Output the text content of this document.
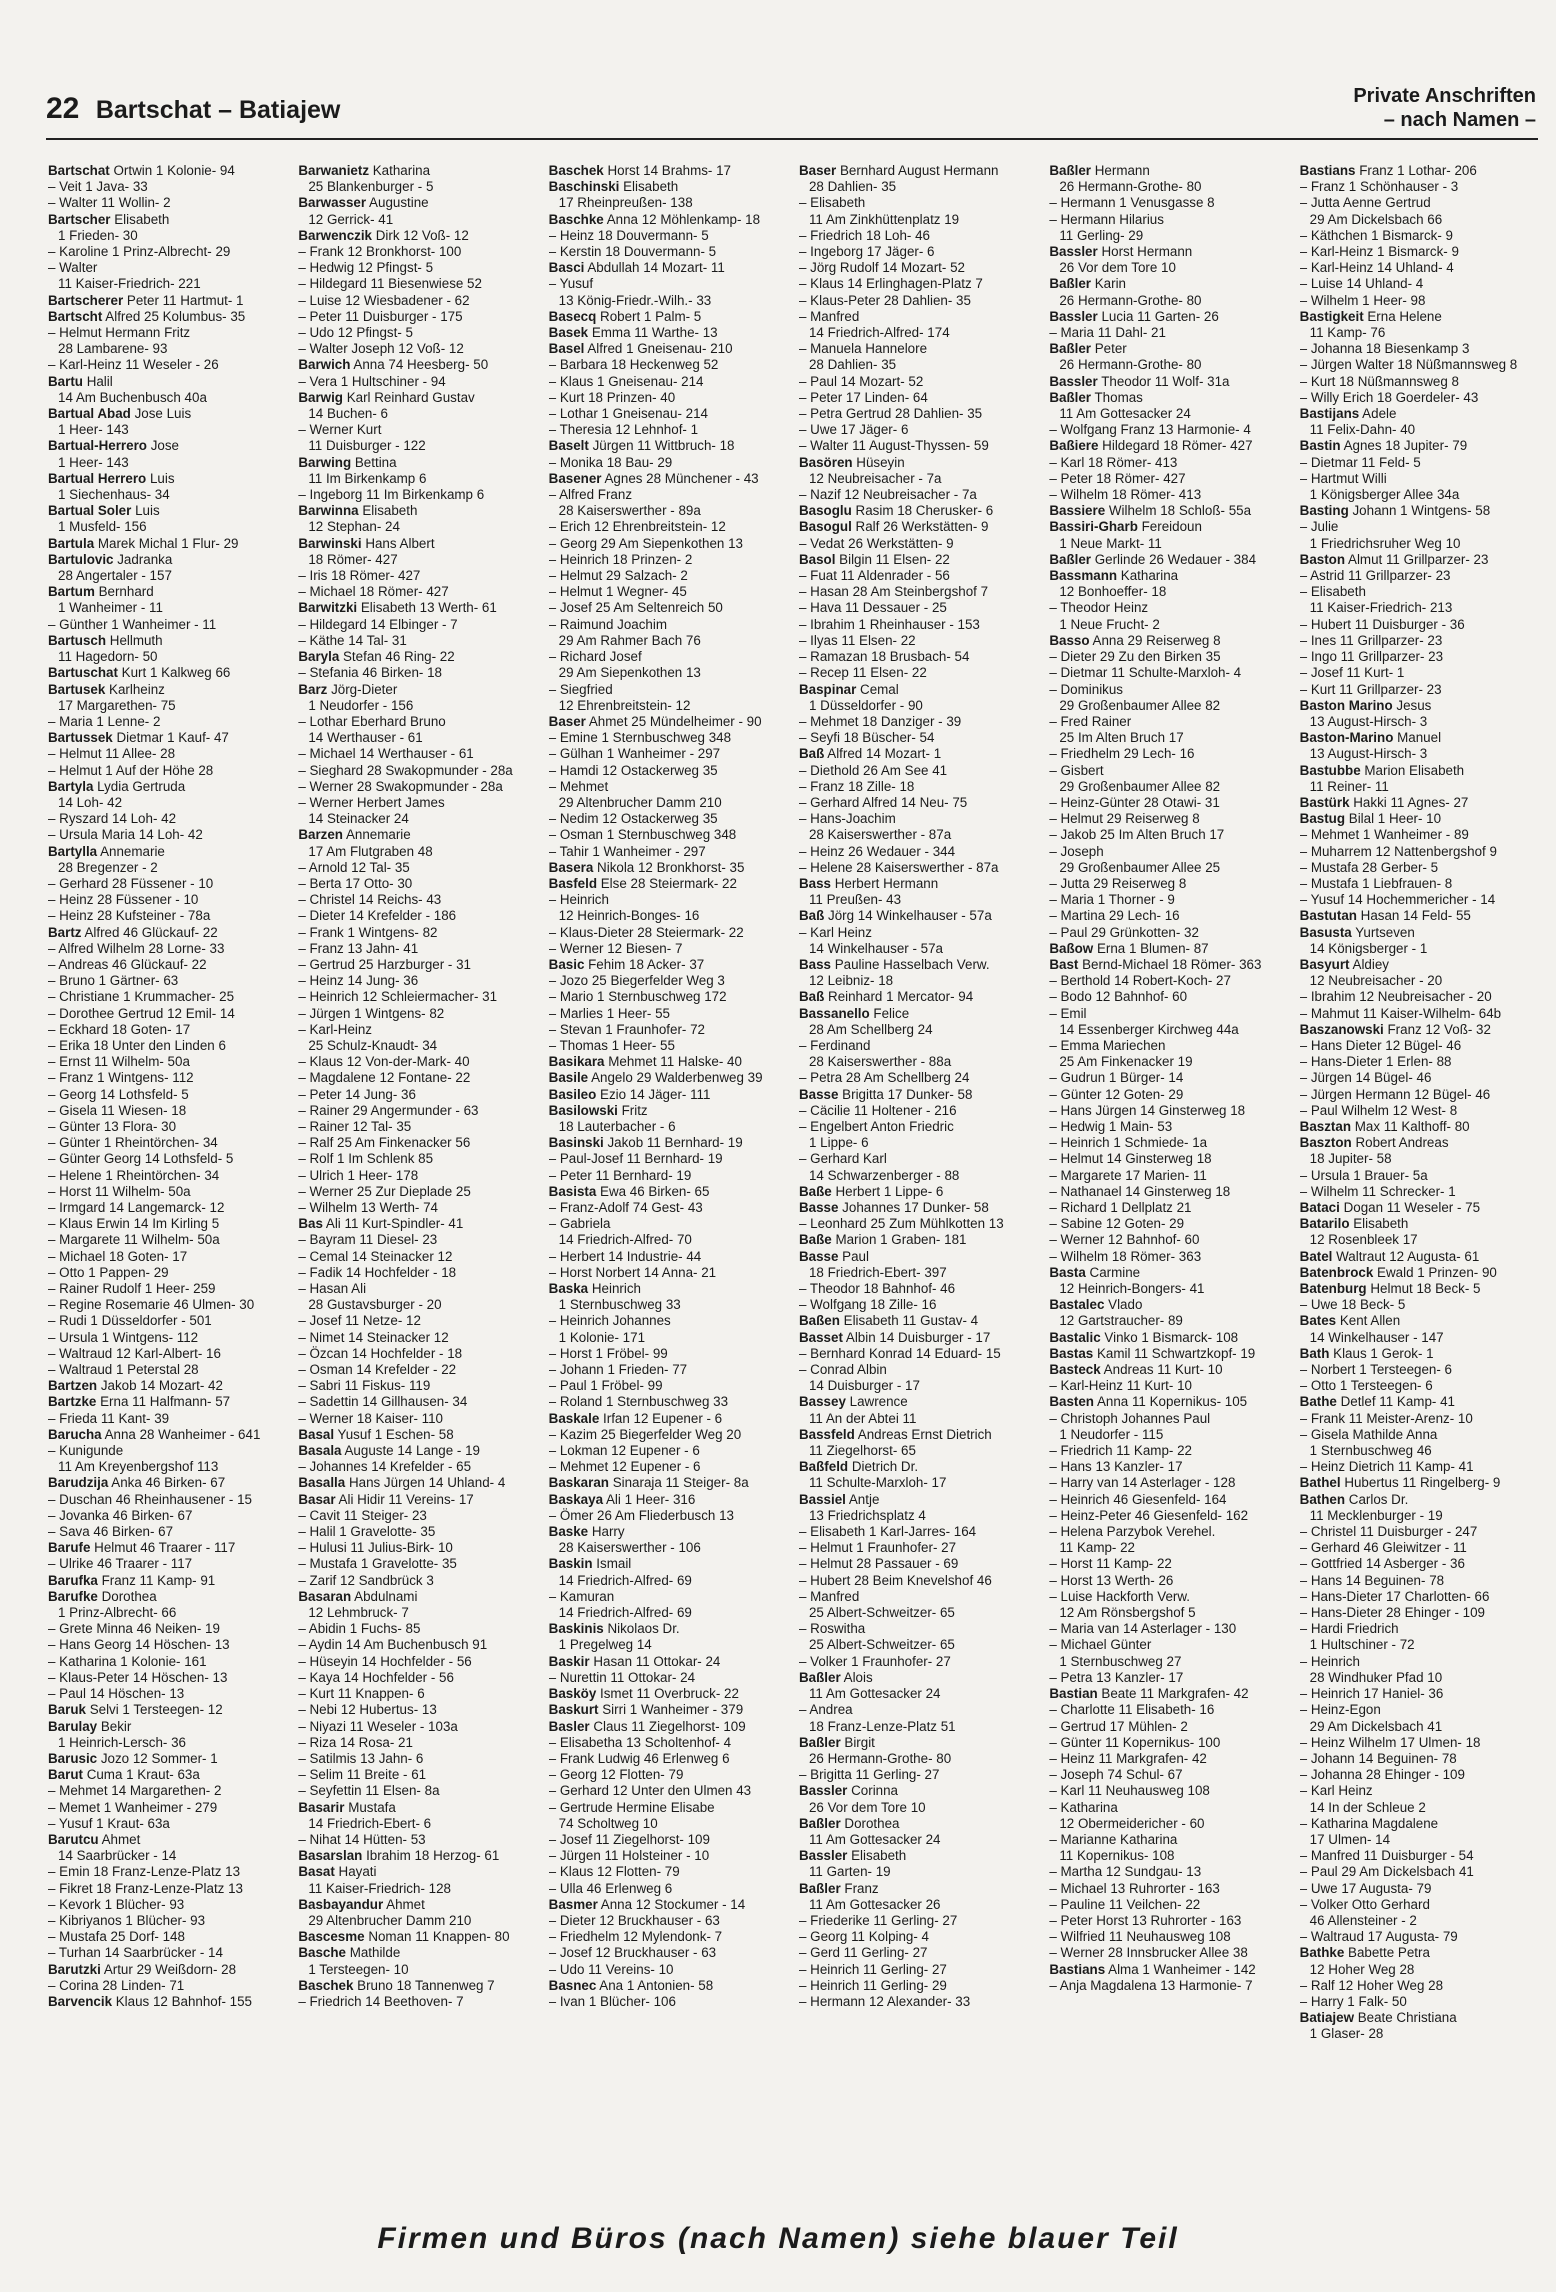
22 Bartschat – Batiajew	Private Anschriften
– nach Namen –
Bartschat Ortwin 1 Kolonie- 94
– Veit 1 Java- 33
– Walter 11 Wollin- 2
Bartscher Elisabeth
1 Frieden- 30
– Karoline 1 Prinz-Albrecht- 29
– Walter
11 Kaiser-Friedrich- 221
Bartscherer Peter 11 Hartmut- 1
Bartscht Alfred 25 Kolumbus- 35
– Helmut Hermann Fritz
28 Lambarene- 93
– Karl-Heinz 11 Weseler - 26
Bartu Halil
14 Am Buchenbusch 40a
Bartual Abad Jose Luis
1 Heer- 143
Bartual-Herrero Jose
1 Heer- 143
Bartual Herrero Luis
1 Siechenhaus- 34
Bartual Soler Luis
1 Musfeld- 156
Bartula Marek Michal 1 Flur- 29
Bartulovic Jadranka
28 Angertaler - 157
Bartum Bernhard
1 Wanheimer - 11
– Günther 1 Wanheimer - 11
Bartusch Hellmuth
11 Hagedorn- 50
Bartuschat Kurt 1 Kalkweg 66
Bartusek Karlheinz
17 Margarethen- 75
– Maria 1 Lenne- 2
Bartussek Dietmar 1 Kauf- 47
– Helmut 11 Allee- 28
– Helmut 1 Auf der Höhe 28
Bartyla Lydia Gertruda
14 Loh- 42
– Ryszard 14 Loh- 42
– Ursula Maria 14 Loh- 42
Bartylla Annemarie
28 Bregenzer - 2
– Gerhard 28 Füssener - 10
– Heinz 28 Füssener - 10
– Heinz 28 Kufsteiner - 78a
Bartz Alfred 46 Glückauf- 22
– Alfred Wilhelm 28 Lorne- 33
– Andreas 46 Glückauf- 22
– Bruno 1 Gärtner- 63
– Christiane 1 Krummacher- 25
– Dorothee Gertrud 12 Emil- 14
– Eckhard 18 Goten- 17
– Erika 18 Unter den Linden 6
– Ernst 11 Wilhelm- 50a
– Franz 1 Wintgens- 112
– Georg 14 Lothsfeld- 5
– Gisela 11 Wiesen- 18
– Günter 13 Flora- 30
– Günter 1 Rheintörchen- 34
– Günter Georg 14 Lothsfeld- 5
– Helene 1 Rheintörchen- 34
– Horst 11 Wilhelm- 50a
– Irmgard 14 Langemarck- 12
– Klaus Erwin 14 Im Kirling 5
– Margarete 11 Wilhelm- 50a
– Michael 18 Goten- 17
– Otto 1 Pappen- 29
– Rainer Rudolf 1 Heer- 259
– Regine Rosemarie 46 Ulmen- 30
– Rudi 1 Düsseldorfer - 501
– Ursula 1 Wintgens- 112
– Waltraud 12 Karl-Albert- 16
– Waltraud 1 Peterstal 28
Bartzen Jakob 14 Mozart- 42
Bartzke Erna 11 Halfmann- 57
– Frieda 11 Kant- 39
Barucha Anna 28 Wanheimer - 641
– Kunigunde
11 Am Kreyenbergshof 113
Barudzija Anka 46 Birken- 67
– Duschan 46 Rheinhausener - 15
– Jovanka 46 Birken- 67
– Sava 46 Birken- 67
Barufe Helmut 46 Traarer - 117
– Ulrike 46 Traarer - 117
Barufka Franz 11 Kamp- 91
Barufke Dorothea
1 Prinz-Albrecht- 66
– Grete Minna 46 Neiken- 19
– Hans Georg 14 Höschen- 13
– Katharina 1 Kolonie- 161
– Klaus-Peter 14 Höschen- 13
– Paul 14 Höschen- 13
Baruk Selvi 1 Tersteegen- 12
Barulay Bekir
1 Heinrich-Lersch- 36
Barusic Jozo 12 Sommer- 1
Barut Cuma 1 Kraut- 63a
– Mehmet 14 Margarethen- 2
– Memet 1 Wanheimer - 279
– Yusuf 1 Kraut- 63a
Barutcu Ahmet
14 Saarbrücker - 14
– Emin 18 Franz-Lenze-Platz 13
– Fikret 18 Franz-Lenze-Platz 13
– Kevork 1 Blücher- 93
– Kibriyanos 1 Blücher- 93
– Mustafa 25 Dorf- 148
– Turhan 14 Saarbrücker - 14
Barutzki Artur 29 Weißdorn- 28
– Corina 28 Linden- 71
Barvencik Klaus 12 Bahnhof- 155
Barwanietz Katharina
25 Blankenburger - 5
Barwasser Augustine
12 Gerrick- 41
Barwenczik Dirk 12 Voß- 12
– Frank 12 Bronkhorst- 100
– Hedwig 12 Pfingst- 5
– Hildegard 11 Biesenwiese 52
– Luise 12 Wiesbadener - 62
– Peter 11 Duisburger - 175
– Udo 12 Pfingst- 5
– Walter Joseph 12 Voß- 12
Barwich Anna 74 Heesberg- 50
– Vera 1 Hultschiner - 94
Barwig Karl Reinhard Gustav
14 Buchen- 6
– Werner Kurt
11 Duisburger - 122
Barwing Bettina
11 Im Birkenkamp 6
– Ingeborg 11 Im Birkenkamp 6
Barwinna Elisabeth
12 Stephan- 24
Barwinski Hans Albert
18 Römer- 427
– Iris 18 Römer- 427
– Michael 18 Römer- 427
Barwitzki Elisabeth 13 Werth- 61
– Hildegard 14 Elbinger - 7
– Käthe 14 Tal- 31
Baryla Stefan 46 Ring- 22
– Stefania 46 Birken- 18
Barz Jörg-Dieter
1 Neudorfer - 156
– Lothar Eberhard Bruno
14 Werthauser - 61
– Michael 14 Werthauser - 61
– Sieghard 28 Swakopmunder - 28a
– Werner 28 Swakopmunder - 28a
– Werner Herbert James
14 Steinacker 24
Barzen Annemarie
17 Am Flutgraben 48
– Arnold 12 Tal- 35
– Berta 17 Otto- 30
– Christel 14 Reichs- 43
– Dieter 14 Krefelder - 186
– Frank 1 Wintgens- 82
– Franz 13 Jahn- 41
– Gertrud 25 Harzburger - 31
– Heinz 14 Jung- 36
– Heinrich 12 Schleiermacher- 31
– Jürgen 1 Wintgens- 82
– Karl-Heinz
25 Schulz-Knaudt- 34
– Klaus 12 Von-der-Mark- 40
– Magdalene 12 Fontane- 22
– Peter 14 Jung- 36
– Rainer 29 Angermunder - 63
– Rainer 12 Tal- 35
– Ralf 25 Am Finkenacker 56
– Rolf 1 Im Schlenk 85
– Ulrich 1 Heer- 178
– Werner 25 Zur Dieplade 25
– Wilhelm 13 Werth- 74
Bas Ali 11 Kurt-Spindler- 41
– Bayram 11 Diesel- 23
– Cemal 14 Steinacker 12
– Fadik 14 Hochfelder - 18
– Hasan Ali
28 Gustavsburger - 20
– Josef 11 Netze- 12
– Nimet 14 Steinacker 12
– Özcan 14 Hochfelder - 18
– Osman 14 Krefelder - 22
– Sabri 11 Fiskus- 119
– Sadettin 14 Gillhausen- 34
– Werner 18 Kaiser- 110
Basal Yusuf 1 Eschen- 58
Basala Auguste 14 Lange - 19
– Johannes 14 Krefelder - 65
Basalla Hans Jürgen 14 Uhland- 4
Basar Ali Hidir 11 Vereins- 17
– Cavit 11 Steiger- 23
– Halil 1 Gravelotte- 35
– Hulusi 11 Julius-Birk- 10
– Mustafa 1 Gravelotte- 35
– Zarif 12 Sandbrück 3
Basaran Abdulnami
12 Lehmbruck- 7
– Abidin 1 Fuchs- 85
– Aydin 14 Am Buchenbusch 91
– Hüseyin 14 Hochfelder - 56
– Kaya 14 Hochfelder - 56
– Kurt 11 Knappen- 6
– Nebi 12 Hubertus- 13
– Niyazi 11 Weseler - 103a
– Riza 14 Rosa- 21
– Satilmis 13 Jahn- 6
– Selim 11 Breite - 61
– Seyfettin 11 Elsen- 8a
Basarir Mustafa
14 Friedrich-Ebert- 6
– Nihat 14 Hütten- 53
Basarslan Ibrahim 18 Herzog- 61
Basat Hayati
11 Kaiser-Friedrich- 128
Basbayandur Ahmet
29 Altenbrucher Damm 210
Bascesme Noman 11 Knappen- 80
Basche Mathilde
1 Tersteegen- 10
Baschek Bruno 18 Tannenweg 7
– Friedrich 14 Beethoven- 7
Baschek Horst 14 Brahms- 17
Baschinski Elisabeth
17 Rheinpreußen- 138
Baschke Anna 12 Möhlenkamp- 18
– Heinz 18 Douvermann- 5
– Kerstin 18 Douvermann- 5
Basci Abdullah 14 Mozart- 11
– Yusuf
13 König-Friedr.-Wilh.- 33
Basecq Robert 1 Palm- 5
Basek Emma 11 Warthe- 13
Basel Alfred 1 Gneisenau- 210
– Barbara 18 Heckenweg 52
– Klaus 1 Gneisenau- 214
– Kurt 18 Prinzen- 40
– Lothar 1 Gneisenau- 214
– Theresia 12 Lehnhof- 1
Baselt Jürgen 11 Wittbruch- 18
– Monika 18 Bau- 29
Basener Agnes 28 Münchener - 43
– Alfred Franz
28 Kaiserswerther - 89a
– Erich 12 Ehrenbreitstein- 12
– Georg 29 Am Siepenkothen 13
– Heinrich 18 Prinzen- 2
– Helmut 29 Salzach- 2
– Helmut 1 Wegner- 45
– Josef 25 Am Seltenreich 50
– Raimund Joachim
29 Am Rahmer Bach 76
– Richard Josef
29 Am Siepenkothen 13
– Siegfried
12 Ehrenbreitstein- 12
Baser Ahmet 25 Mündelheimer - 90
– Emine 1 Sternbuschweg 348
– Gülhan 1 Wanheimer - 297
– Hamdi 12 Ostackerweg 35
– Mehmet
29 Altenbrucher Damm 210
– Nedim 12 Ostackerweg 35
– Osman 1 Sternbuschweg 348
– Tahir 1 Wanheimer - 297
Basera Nikola 12 Bronkhorst- 35
Basfeld Else 28 Steiermark- 22
– Heinrich
12 Heinrich-Bonges- 16
– Klaus-Dieter 28 Steiermark- 22
– Werner 12 Biesen- 7
Basic Fehim 18 Acker- 37
– Jozo 25 Biegerfelder Weg 3
– Mario 1 Sternbuschweg 172
– Marlies 1 Heer- 55
– Stevan 1 Fraunhofer- 72
– Thomas 1 Heer- 55
Basikara Mehmet 11 Halske- 40
Basile Angelo 29 Walderbenweg 39
Basileo Ezio 14 Jäger- 111
Basilowski Fritz
18 Lauterbacher - 6
Basinski Jakob 11 Bernhard- 19
– Paul-Josef 11 Bernhard- 19
– Peter 11 Bernhard- 19
Basista Ewa 46 Birken- 65
– Franz-Adolf 74 Gest- 43
– Gabriela
14 Friedrich-Alfred- 70
– Herbert 14 Industrie- 44
– Horst Norbert 14 Anna- 21
Baska Heinrich
1 Sternbuschweg 33
– Heinrich Johannes
1 Kolonie- 171
– Horst 1 Fröbel- 99
– Johann 1 Frieden- 77
– Paul 1 Fröbel- 99
– Roland 1 Sternbuschweg 33
Baskale Irfan 12 Eupener - 6
– Kazim 25 Biegerfelder Weg 20
– Lokman 12 Eupener - 6
– Mehmet 12 Eupener - 6
Baskaran Sinaraja 11 Steiger- 8a
Baskaya Ali 1 Heer- 316
– Ömer 26 Am Fliederbusch 13
Baske Harry
28 Kaiserswerther - 106
Baskin Ismail
14 Friedrich-Alfred- 69
– Kamuran
14 Friedrich-Alfred- 69
Baskinis Nikolaos Dr.
1 Pregelweg 14
Baskir Hasan 11 Ottokar- 24
– Nurettin 11 Ottokar- 24
Basköy Ismet 11 Overbruck- 22
Baskurt Sirri 1 Wanheimer - 379
Basler Claus 11 Ziegelhorst- 109
– Elisabetha 13 Scholtenhof- 4
– Frank Ludwig 46 Erlenweg 6
– Georg 12 Flotten- 79
– Gerhard 12 Unter den Ulmen 43
– Gertrude Hermine Elisabe
74 Scholtweg 10
– Josef 11 Ziegelhorst- 109
– Jürgen 11 Holsteiner - 10
– Klaus 12 Flotten- 79
– Ulla 46 Erlenweg 6
Basmer Anna 12 Stockumer - 14
– Dieter 12 Bruckhauser - 63
– Friedhelm 12 Mylendonk- 7
– Josef 12 Bruckhauser - 63
– Udo 11 Vereins- 10
Basnec Ana 1 Antonien- 58
– Ivan 1 Blücher- 106
Baser Bernhard August Hermann
28 Dahlien- 35
– Elisabeth
11 Am Zinkhüttenplatz 19
– Friedrich 18 Loh- 46
– Ingeborg 17 Jäger- 6
– Jörg Rudolf 14 Mozart- 52
– Klaus 14 Erlinghagen-Platz 7
– Klaus-Peter 28 Dahlien- 35
– Manfred
14 Friedrich-Alfred- 174
– Manuela Hannelore
28 Dahlien- 35
– Paul 14 Mozart- 52
– Peter 17 Linden- 64
– Petra Gertrud 28 Dahlien- 35
– Uwe 17 Jäger- 6
– Walter 11 August-Thyssen- 59
Basören Hüseyin
12 Neubreisacher - 7a
– Nazif 12 Neubreisacher - 7a
Basoglu Rasim 18 Cherusker- 6
Basogul Ralf 26 Werkstätten- 9
– Vedat 26 Werkstätten- 9
Basol Bilgin 11 Elsen- 22
– Fuat 11 Aldenrader - 56
– Hasan 28 Am Steinbergshof 7
– Hava 11 Dessauer - 25
– Ibrahim 1 Rheinhauser - 153
– Ilyas 11 Elsen- 22
– Ramazan 18 Brusbach- 54
– Recep 11 Elsen- 22
Baspinar Cemal
1 Düsseldorfer - 90
– Mehmet 18 Danziger - 39
– Seyfi 18 Büscher- 54
Baß Alfred 14 Mozart- 1
– Diethold 26 Am See 41
– Franz 18 Zille- 18
– Gerhard Alfred 14 Neu- 75
– Hans-Joachim
28 Kaiserswerther - 87a
– Heinz 26 Wedauer - 344
– Helene 28 Kaiserswerther - 87a
Bass Herbert Hermann
11 Preußen- 43
Baß Jörg 14 Winkelhauser - 57a
– Karl Heinz
14 Winkelhauser - 57a
Bass Pauline Hasselbach Verw.
12 Leibniz- 18
Baß Reinhard 1 Mercator- 94
Bassanello Felice
28 Am Schellberg 24
– Ferdinand
28 Kaiserswerther - 88a
– Petra 28 Am Schellberg 24
Basse Brigitta 17 Dunker- 58
– Cäcilie 11 Holtener - 216
– Engelbert Anton Friedric
1 Lippe- 6
– Gerhard Karl
14 Schwarzenberger - 88
Baße Herbert 1 Lippe- 6
Basse Johannes 17 Dunker- 58
– Leonhard 25 Zum Mühlkotten 13
Baße Marion 1 Graben- 181
Basse Paul
18 Friedrich-Ebert- 397
– Theodor 18 Bahnhof- 46
– Wolfgang 18 Zille- 16
Baßen Elisabeth 11 Gustav- 4
Basset Albin 14 Duisburger - 17
– Bernhard Konrad 14 Eduard- 15
– Conrad Albin
14 Duisburger - 17
Bassey Lawrence
11 An der Abtei 11
Bassfeld Andreas Ernst Dietrich
11 Ziegelhorst- 65
Baßfeld Dietrich Dr.
11 Schulte-Marxloh- 17
Bassiel Antje
13 Friedrichsplatz 4
– Elisabeth 1 Karl-Jarres- 164
– Helmut 1 Fraunhofer- 27
– Helmut 28 Passauer - 69
– Hubert 28 Beim Knevelshof 46
– Manfred
25 Albert-Schweitzer- 65
– Roswitha
25 Albert-Schweitzer- 65
– Volker 1 Fraunhofer- 27
Baßler Alois
11 Am Gottesacker 24
– Andrea
18 Franz-Lenze-Platz 51
Baßler Birgit
26 Hermann-Grothe- 80
– Brigitta 11 Gerling- 27
Bassler Corinna
26 Vor dem Tore 10
Baßler Dorothea
11 Am Gottesacker 24
Bassler Elisabeth
11 Garten- 19
Baßler Franz
11 Am Gottesacker 26
– Friederike 11 Gerling- 27
– Georg 11 Kolping- 4
– Gerd 11 Gerling- 27
– Heinrich 11 Gerling- 27
– Heinrich 11 Gerling- 29
– Hermann 12 Alexander- 33
Baßler Hermann
26 Hermann-Grothe- 80
– Hermann 1 Venusgasse 8
– Hermann Hilarius
11 Gerling- 29
Bassler Horst Hermann
26 Vor dem Tore 10
Baßler Karin
26 Hermann-Grothe- 80
Bassler Lucia 11 Garten- 26
– Maria 11 Dahl- 21
Baßler Peter
26 Hermann-Grothe- 80
Bassler Theodor 11 Wolf- 31a
Baßler Thomas
11 Am Gottesacker 24
– Wolfgang Franz 13 Harmonie- 4
Baßiere Hildegard 18 Römer- 427
– Karl 18 Römer- 413
– Peter 18 Römer- 427
– Wilhelm 18 Römer- 413
Bassiere Wilhelm 18 Schloß- 55a
Bassiri-Gharb Fereidoun
1 Neue Markt- 11
Baßler Gerlinde 26 Wedauer - 384
Bassmann Katharina
12 Bonhoeffer- 18
– Theodor Heinz
1 Neue Frucht- 2
Basso Anna 29 Reiserweg 8
– Dieter 29 Zu den Birken 35
– Dietmar 11 Schulte-Marxloh- 4
– Dominikus
29 Großenbaumer Allee 82
– Fred Rainer
25 Im Alten Bruch 17
– Friedhelm 29 Lech- 16
– Gisbert
29 Großenbaumer Allee 82
– Heinz-Günter 28 Otawi- 31
– Helmut 29 Reiserweg 8
– Jakob 25 Im Alten Bruch 17
– Joseph
29 Großenbaumer Allee 25
– Jutta 29 Reiserweg 8
– Maria 1 Thorner - 9
– Martina 29 Lech- 16
– Paul 29 Grünkotten- 32
Baßow Erna 1 Blumen- 87
Bast Bernd-Michael 18 Römer- 363
– Berthold 14 Robert-Koch- 27
– Bodo 12 Bahnhof- 60
– Emil
14 Essenberger Kirchweg 44a
– Emma Mariechen
25 Am Finkenacker 19
– Gudrun 1 Bürger- 14
– Günter 12 Goten- 29
– Hans Jürgen 14 Ginsterweg 18
– Hedwig 1 Main- 53
– Heinrich 1 Schmiede- 1a
– Helmut 14 Ginsterweg 18
– Margarete 17 Marien- 11
– Nathanael 14 Ginsterweg 18
– Richard 1 Dellplatz 21
– Sabine 12 Goten- 29
– Werner 12 Bahnhof- 60
– Wilhelm 18 Römer- 363
Basta Carmine
12 Heinrich-Bongers- 41
Bastalec Vlado
12 Gartstraucher- 89
Bastalic Vinko 1 Bismarck- 108
Bastas Kamil 11 Schwartzkopf- 19
Basteck Andreas 11 Kurt- 10
– Karl-Heinz 11 Kurt- 10
Basten Anna 11 Kopernikus- 105
– Christoph Johannes Paul
1 Neudorfer - 115
– Friedrich 11 Kamp- 22
– Hans 13 Kanzler- 17
– Harry van 14 Asterlager - 128
– Heinrich 46 Giesenfeld- 164
– Heinz-Peter 46 Giesenfeld- 162
– Helena Parzybok Verehel.
11 Kamp- 22
– Horst 11 Kamp- 22
– Horst 13 Werth- 26
– Luise Hackforth Verw.
12 Am Rönsbergshof 5
– Maria van 14 Asterlager - 130
– Michael Günter
1 Sternbuschweg 27
– Petra 13 Kanzler- 17
Bastian Beate 11 Markgrafen- 42
– Charlotte 11 Elisabeth- 16
– Gertrud 17 Mühlen- 2
– Günter 11 Kopernikus- 100
– Heinz 11 Markgrafen- 42
– Joseph 74 Schul- 67
– Karl 11 Neuhausweg 108
– Katharina
12 Obermeidericher - 60
– Marianne Katharina
11 Kopernikus- 108
– Martha 12 Sundgau- 13
– Michael 13 Ruhrorter - 163
– Pauline 11 Veilchen- 22
– Peter Horst 13 Ruhrorter - 163
– Wilfried 11 Neuhausweg 108
– Werner 28 Innsbrucker Allee 38
Bastians Alma 1 Wanheimer - 142
– Anja Magdalena 13 Harmonie- 7
Bastians Franz 1 Lothar- 206
– Franz 1 Schönhauser - 3
– Jutta Aenne Gertrud
29 Am Dickelsbach 66
– Käthchen 1 Bismarck- 9
– Karl-Heinz 1 Bismarck- 9
– Karl-Heinz 14 Uhland- 4
– Luise 14 Uhland- 4
– Wilhelm 1 Heer- 98
Bastigkeit Erna Helene
11 Kamp- 76
– Johanna 18 Biesenkamp 3
– Jürgen Walter 18 Nüßmannsweg 8
– Kurt 18 Nüßmannsweg 8
– Willy Erich 18 Goerdeler- 43
Bastijans Adele
11 Felix-Dahn- 40
Bastin Agnes 18 Jupiter- 79
– Dietmar 11 Feld- 5
– Hartmut Willi
1 Königsberger Allee 34a
Basting Johann 1 Wintgens- 58
– Julie
1 Friedrichsruher Weg 10
Baston Almut 11 Grillparzer- 23
– Astrid 11 Grillparzer- 23
– Elisabeth
11 Kaiser-Friedrich- 213
– Hubert 11 Duisburger - 36
– Ines 11 Grillparzer- 23
– Ingo 11 Grillparzer- 23
– Josef 11 Kurt- 1
– Kurt 11 Grillparzer- 23
Baston Marino Jesus
13 August-Hirsch- 3
Baston-Marino Manuel
13 August-Hirsch- 3
Bastubbe Marion Elisabeth
11 Reiner- 11
Bastürk Hakki 11 Agnes- 27
Bastug Bilal 1 Heer- 10
– Mehmet 1 Wanheimer - 89
– Muharrem 12 Nattenbergshof 9
– Mustafa 28 Gerber- 5
– Mustafa 1 Liebfrauen- 8
– Yusuf 14 Hochemmericher - 14
Bastutan Hasan 14 Feld- 55
Basusta Yurtseven
14 Königsberger - 1
Basyurt Aldiey
12 Neubreisacher - 20
– Ibrahim 12 Neubreisacher - 20
– Mahmut 11 Kaiser-Wilhelm- 64b
Baszanowski Franz 12 Voß- 32
– Hans Dieter 12 Bügel- 46
– Hans-Dieter 1 Erlen- 88
– Jürgen 14 Bügel- 46
– Jürgen Hermann 12 Bügel- 46
– Paul Wilhelm 12 West- 8
Basztan Max 11 Kalthoff- 80
Baszton Robert Andreas
18 Jupiter- 58
– Ursula 1 Brauer- 5a
– Wilhelm 11 Schrecker- 1
Bataci Dogan 11 Weseler - 75
Batarilo Elisabeth
12 Rosenbleek 17
Batel Waltraut 12 Augusta- 61
Batenbrock Ewald 1 Prinzen- 90
Batenburg Helmut 18 Beck- 5
– Uwe 18 Beck- 5
Bates Kent Allen
14 Winkelhauser - 147
Bath Klaus 1 Gerok- 1
– Norbert 1 Tersteegen- 6
– Otto 1 Tersteegen- 6
Bathe Detlef 11 Kamp- 41
– Frank 11 Meister-Arenz- 10
– Gisela Mathilde Anna
1 Sternbuschweg 46
– Heinz Dietrich 11 Kamp- 41
Bathel Hubertus 11 Ringelberg- 9
Bathen Carlos Dr.
11 Mecklenburger - 19
– Christel 11 Duisburger - 247
– Gerhard 46 Gleiwitzer - 11
– Gottfried 14 Asberger - 36
– Hans 14 Beguinen- 78
– Hans-Dieter 17 Charlotten- 66
– Hans-Dieter 28 Ehinger - 109
– Hardi Friedrich
1 Hultschiner - 72
– Heinrich
28 Windhuker Pfad 10
– Heinrich 17 Haniel- 36
– Heinz-Egon
29 Am Dickelsbach 41
– Heinz Wilhelm 17 Ulmen- 18
– Johann 14 Beguinen- 78
– Johanna 28 Ehinger - 109
– Karl Heinz
14 In der Schleue 2
– Katharina Magdalene
17 Ulmen- 14
– Manfred 11 Duisburger - 54
– Paul 29 Am Dickelsbach 41
– Uwe 17 Augusta- 79
– Volker Otto Gerhard
46 Allensteiner - 2
– Waltraud 17 Augusta- 79
Bathke Babette Petra
12 Hoher Weg 28
– Ralf 12 Hoher Weg 28
– Harry 1 Falk- 50
Batiajew Beate Christiana
1 Glaser- 28
Firmen und Büros (nach Namen) siehe blauer Teil
